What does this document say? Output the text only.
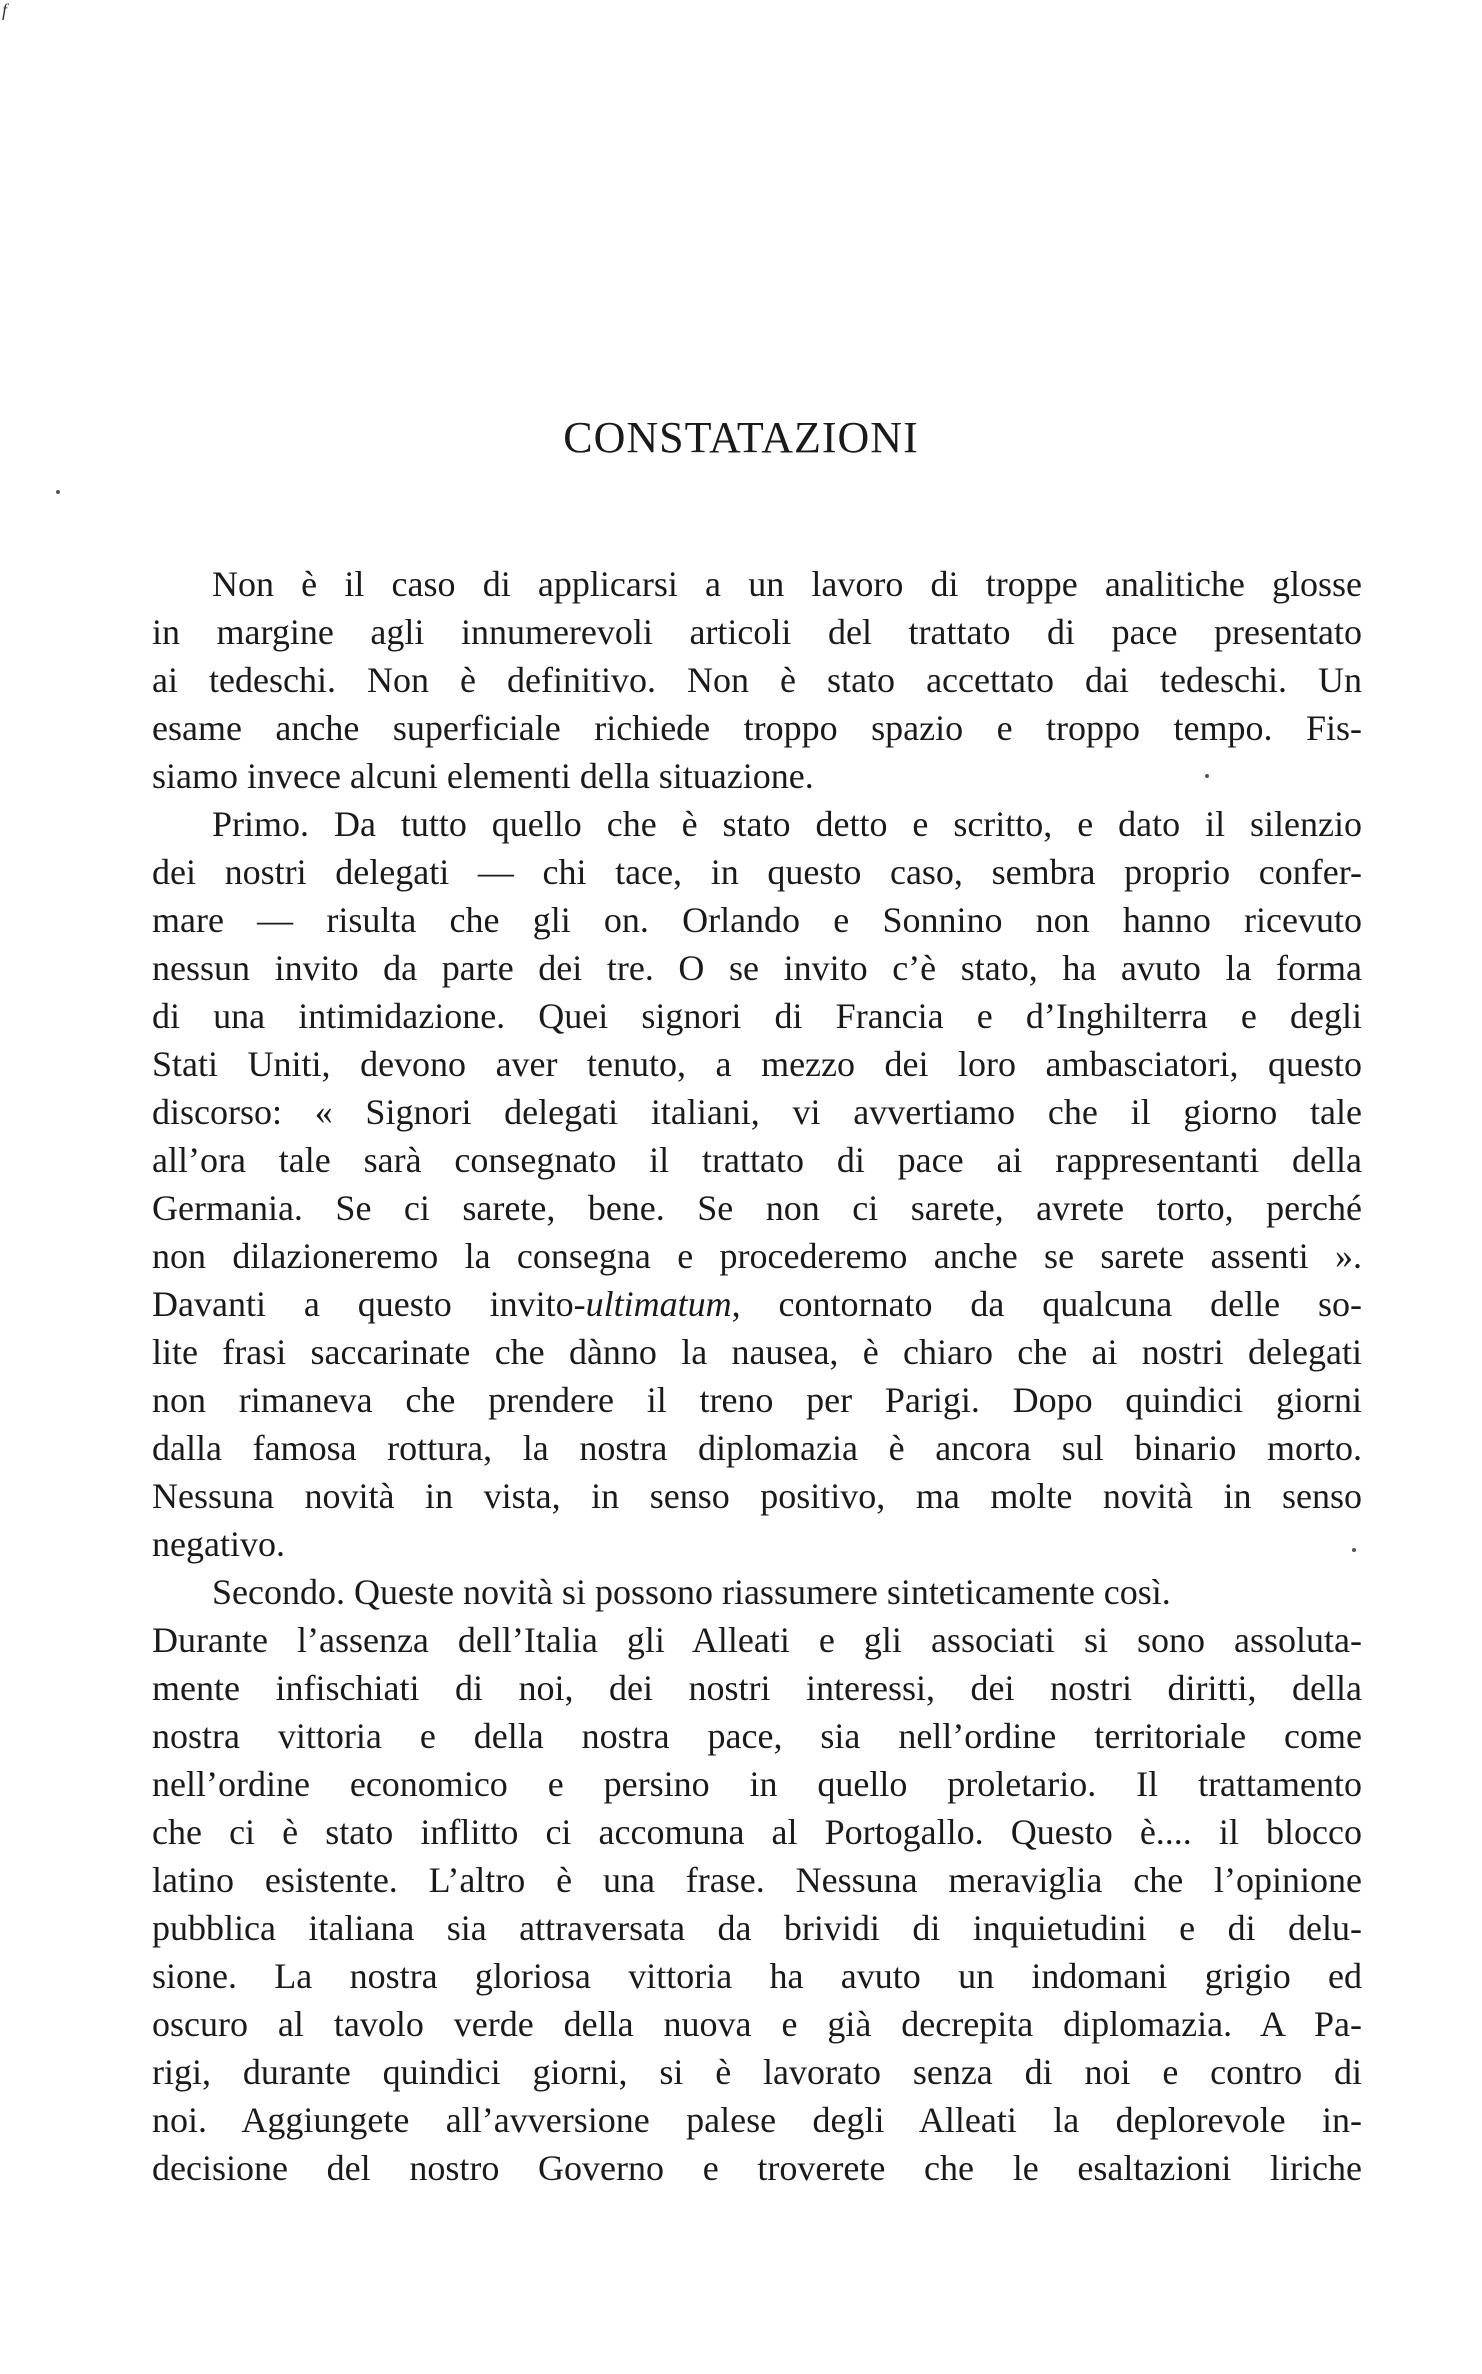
f
CONSTATAZIONI
Non è il caso di applicarsi a un lavoro di troppe analitiche glosse
in margine agli innumerevoli articoli del trattato di pace presentato
ai tedeschi. Non è definitivo. Non è stato accettato dai tedeschi. Un
esame anche superficiale richiede troppo spazio e troppo tempo. Fis-
siamo invece alcuni elementi della situazione.
Primo. Da tutto quello che è stato detto e scritto, e dato il silenzio
dei nostri delegati — chi tace, in questo caso, sembra proprio confer-
mare — risulta che gli on. Orlando e Sonnino non hanno ricevuto
nessun invito da parte dei tre. O se invito c’è stato, ha avuto la forma
di una intimidazione. Quei signori di Francia e d’Inghilterra e degli
Stati Uniti, devono aver tenuto, a mezzo dei loro ambasciatori, questo
discorso: « Signori delegati italiani, vi avvertiamo che il giorno tale
all’ora tale sarà consegnato il trattato di pace ai rappresentanti della
Germania. Se ci sarete, bene. Se non ci sarete, avrete torto, perché
non dilazioneremo la consegna e procederemo anche se sarete assenti ».
Davanti a questo invito-ultimatum, contornato da qualcuna delle so-
lite frasi saccarinate che dànno la nausea, è chiaro che ai nostri delegati
non rimaneva che prendere il treno per Parigi. Dopo quindici giorni
dalla famosa rottura, la nostra diplomazia è ancora sul binario morto.
Nessuna novità in vista, in senso positivo, ma molte novità in senso
negativo.
Secondo. Queste novità si possono riassumere sinteticamente così.
Durante l’assenza dell’Italia gli Alleati e gli associati si sono assoluta-
mente infischiati di noi, dei nostri interessi, dei nostri diritti, della
nostra vittoria e della nostra pace, sia nell’ordine territoriale come
nell’ordine economico e persino in quello proletario. Il trattamento
che ci è stato inflitto ci accomuna al Portogallo. Questo è.... il blocco
latino esistente. L’altro è una frase. Nessuna meraviglia che l’opinione
pubblica italiana sia attraversata da brividi di inquietudini e di delu-
sione. La nostra gloriosa vittoria ha avuto un indomani grigio ed
oscuro al tavolo verde della nuova e già decrepita diplomazia. A Pa-
rigi, durante quindici giorni, si è lavorato senza di noi e contro di
noi. Aggiungete all’avversione palese degli Alleati la deplorevole in-
decisione del nostro Governo e troverete che le esaltazioni liriche
